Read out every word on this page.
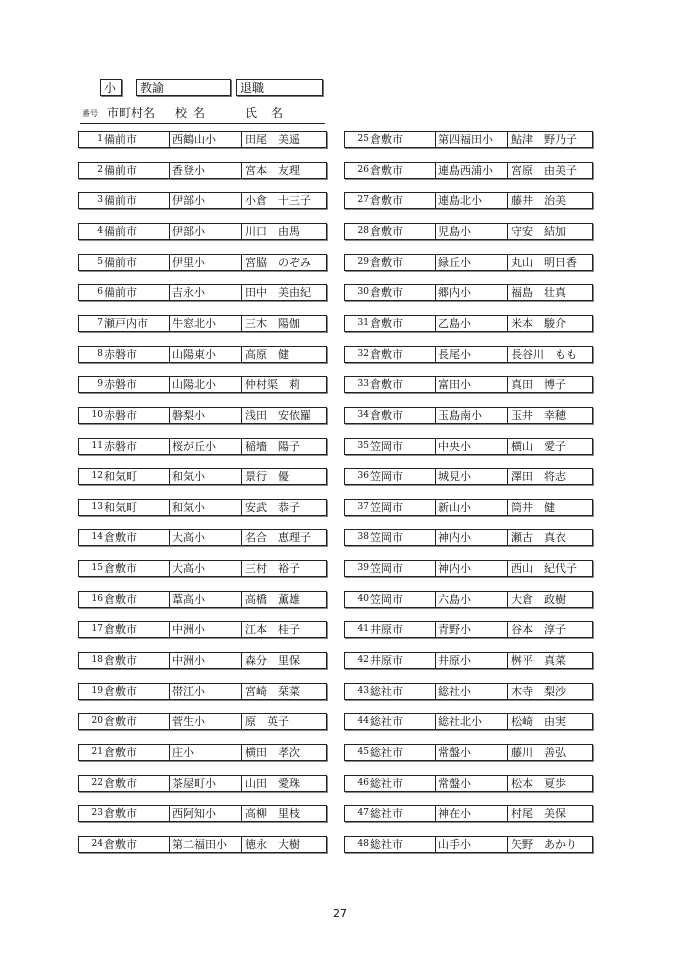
小	教諭	退職
番号 市町村名 校名	氏名
1 備前市	西鶴山小	田尾　美遥
2 備前市	香登小	宮本　友理
3 備前市	伊部小	小倉　十三子
4 備前市	伊部小	川口　由馬
5 備前市	伊里小	宮脇　のぞみ
6 備前市	吉永小	田中　美由紀
7 瀬戸内市	牛窓北小	三木　陽伽
8 赤磐市	山陽東小	高原　健
9 赤磐市	山陽北小	仲村渠　莉
10 赤磐市	磐梨小	浅田　安依羅
11 赤磐市	桜が丘小	稲墻　陽子
12 和気町	和気小	景行　優
13 和気町	和気小	安武　恭子
14 倉敷市	大高小	名合　恵理子
15 倉敷市	大高小	三村　裕子
16 倉敷市	葦高小	高橋　薫雄
17 倉敷市	中洲小	江本　桂子
18 倉敷市	中洲小	森分　里保
19 倉敷市	帯江小	宮崎　栞菜
20 倉敷市	菅生小	原　英子
21 倉敷市	庄小	横田　孝次
22 倉敷市	茶屋町小	山田　愛珠
23 倉敷市	西阿知小	高柳　里枝
24 倉敷市	第二福田小	徳永　大樹
25 倉敷市	第四福田小	鮎津　野乃子
26 倉敷市	連島西浦小	宮原　由美子
27 倉敷市	連島北小	藤井　治美
28 倉敷市	児島小	守安　結加
29 倉敷市	緑丘小	丸山　明日香
30 倉敷市	郷内小	福島　壮真
31 倉敷市	乙島小	米本　駿介
32 倉敷市	長尾小	長谷川　もも
33 倉敷市	富田小	真田　博子
34 倉敷市	玉島南小	玉井　幸穂
35 笠岡市	中央小	横山　愛子
36 笠岡市	城見小	澤田　将志
37 笠岡市	新山小	筒井　健
38 笠岡市	神内小	瀬古　真衣
39 笠岡市	神内小	西山　紀代子
40 笠岡市	六島小	大倉　政樹
41 井原市	青野小	谷本　淳子
42 井原市	井原小	桝平　真菜
43 総社市	総社小	木寺　梨沙
44 総社市	総社北小	松崎　由実
45 総社市	常盤小	藤川　善弘
46 総社市	常盤小	松本　夏歩
47 総社市	神在小	村尾　美保
48 総社市	山手小	矢野　あかり
27
